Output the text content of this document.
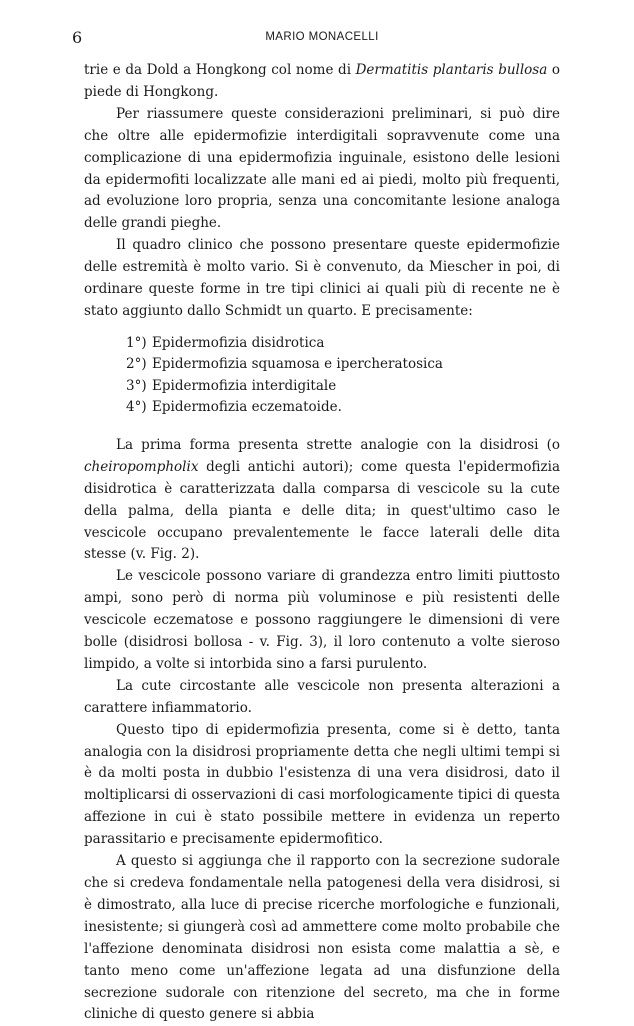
6	MARIO MONACELLI

trie e da Dold a Hongkong col nome di Dermatitis plantaris bullosa o piede di Hongkong.

Per riassumere queste considerazioni preliminari, si può dire che oltre alle epidermofizie interdigitali sopravvenute come una complicazione di una epidermofizia inguinale, esistono delle lesioni da epidermofiti localizzate alle mani ed ai piedi, molto più frequenti, ad evoluzione loro propria, senza una concomitante lesione analoga delle grandi pieghe.

Il quadro clinico che possono presentare queste epidermofizie delle estremità è molto vario. Si è convenuto, da Miescher in poi, di ordinare queste forme in tre tipi clinici ai quali più di recente ne è stato aggiunto dallo Schmidt un quarto. E precisamente:

1°) Epidermofizia disidrotica
2°) Epidermofizia squamosa e ipercheratosica
3°) Epidermofizia interdigitale
4°) Epidermofizia eczematoide.

La prima forma presenta strette analogie con la disidrosi (o cheiropompholix degli antichi autori); come questa l'epidermofizia disidrotica è caratterizzata dalla comparsa di vescicole su la cute della palma, della pianta e delle dita; in quest'ultimo caso le vescicole occupano prevalentemente le facce laterali delle dita stesse (v. Fig. 2).

Le vescicole possono variare di grandezza entro limiti piuttosto ampi, sono però di norma più voluminose e più resistenti delle vescicole eczematose e possono raggiungere le dimensioni di vere bolle (disidrosi bollosa - v. Fig. 3), il loro contenuto a volte sieroso limpido, a volte si intorbida sino a farsi purulento.

La cute circostante alle vescicole non presenta alterazioni a carattere infiammatorio.

Questo tipo di epidermofizia presenta, come si è detto, tanta analogia con la disidrosi propriamente detta che negli ultimi tempi si è da molti posta in dubbio l'esistenza di una vera disidrosi, dato il moltiplicarsi di osservazioni di casi morfologicamente tipici di questa affezione in cui è stato possibile mettere in evidenza un reperto parassitario e precisamente epidermofitico.

A questo si aggiunga che il rapporto con la secrezione sudorale che si credeva fondamentale nella patogenesi della vera disidrosi, si è dimostrato, alla luce di precise ricerche morfologiche e funzionali, inesistente; si giungerà così ad ammettere come molto probabile che l'affezione denominata disidrosi non esista come malattia a sè, e tanto meno come un'affezione legata ad una disfunzione della secrezione sudorale con ritenzione del secreto, ma che in forme cliniche di questo genere si abbia
